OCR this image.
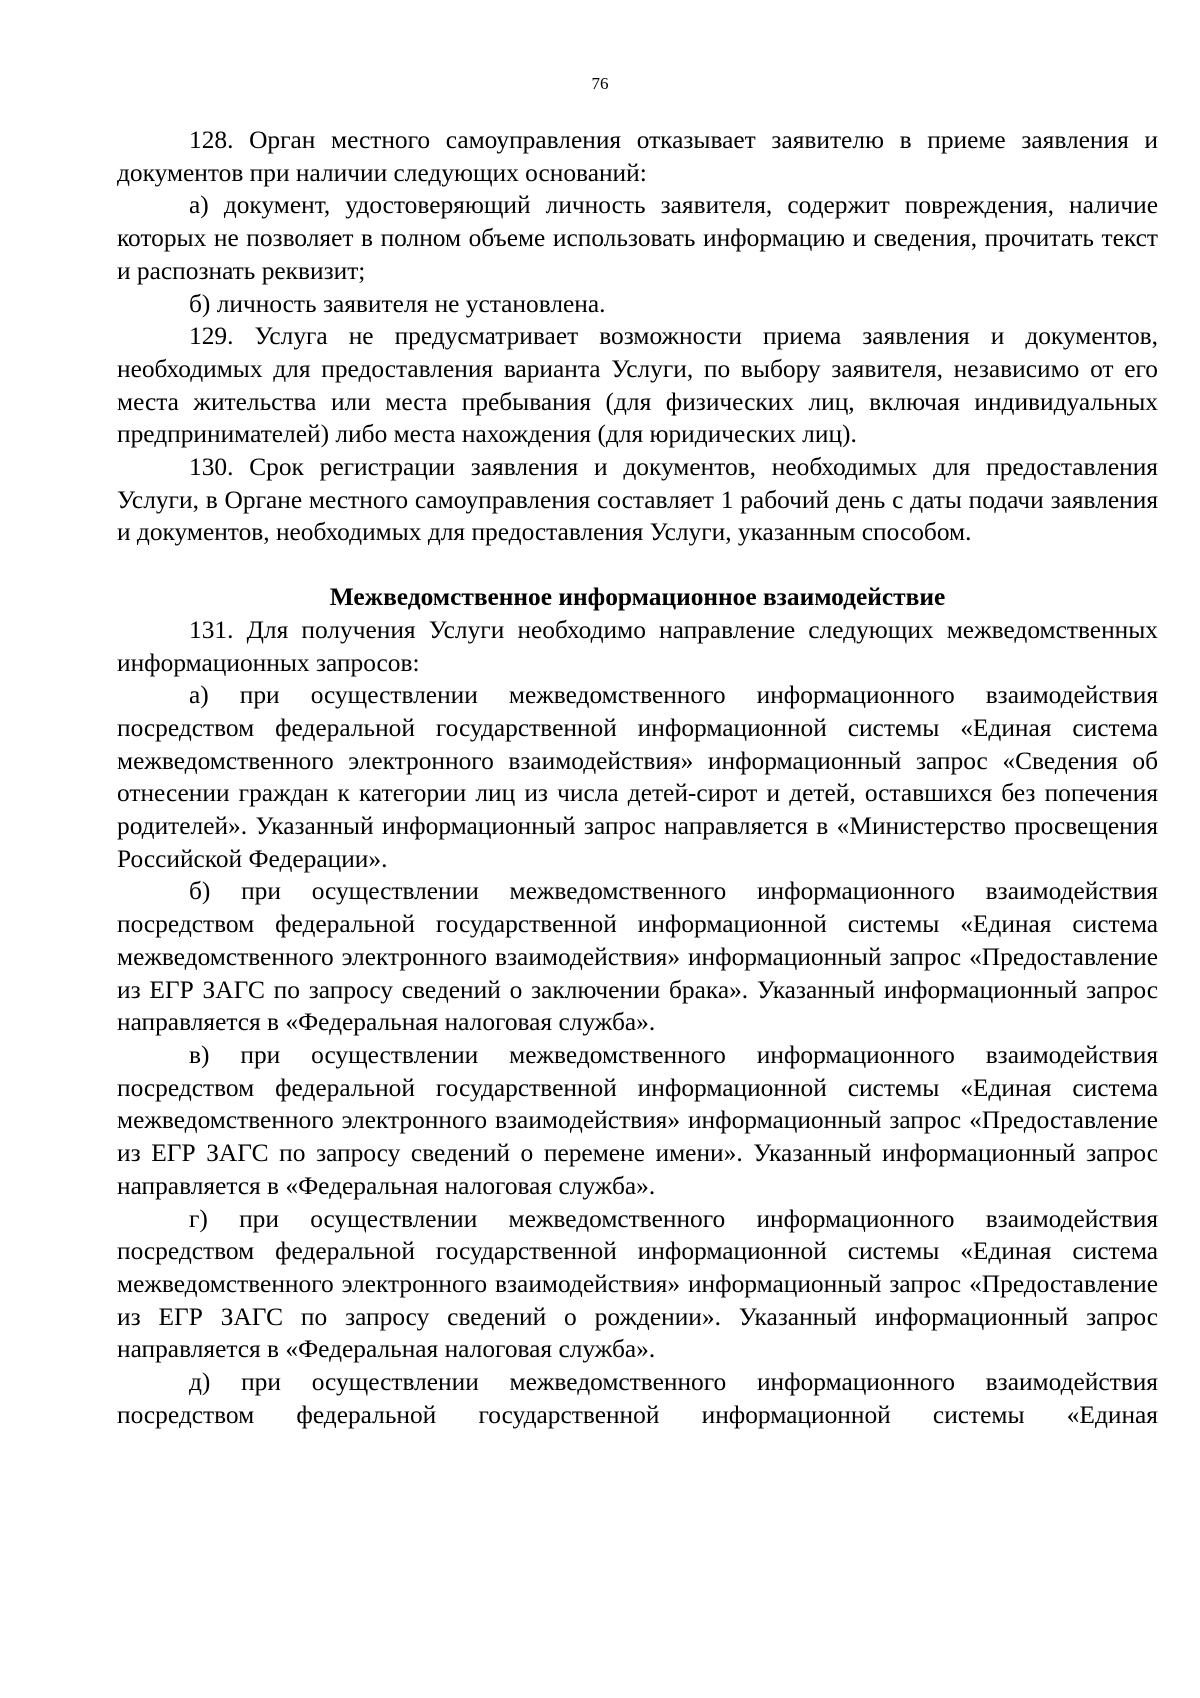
76

128. Орган местного самоуправления отказывает заявителю в приеме заявления и документов при наличии следующих оснований:

а) документ, удостоверяющий личность заявителя, содержит повреждения, наличие которых не позволяет в полном объеме использовать информацию и сведения, прочитать текст и распознать реквизит;

б) личность заявителя не установлена.

129. Услуга не предусматривает возможности приема заявления и документов, необходимых для предоставления варианта Услуги, по выбору заявителя, независимо от его места жительства или места пребывания (для физических лиц, включая индивидуальных предпринимателей) либо места нахождения (для юридических лиц).

130. Срок регистрации заявления и документов, необходимых для предоставления Услуги, в Органе местного самоуправления составляет 1 рабочий день с даты подачи заявления и документов, необходимых для предоставления Услуги, указанным способом.

Межведомственное информационное взаимодействие

131. Для получения Услуги необходимо направление следующих межведомственных информационных запросов:

а) при осуществлении межведомственного информационного взаимодействия посредством федеральной государственной информационной системы «Единая система межведомственного электронного взаимодействия» информационный запрос «Сведения об отнесении граждан к категории лиц из числа детей-сирот и детей, оставшихся без попечения родителей». Указанный информационный запрос направляется в «Министерство просвещения Российской Федерации».

б) при осуществлении межведомственного информационного взаимодействия посредством федеральной государственной информационной системы «Единая система межведомственного электронного взаимодействия» информационный запрос «Предоставление из ЕГР ЗАГС по запросу сведений о заключении брака». Указанный информационный запрос направляется в «Федеральная налоговая служба».

в) при осуществлении межведомственного информационного взаимодействия посредством федеральной государственной информационной системы «Единая система межведомственного электронного взаимодействия» информационный запрос «Предоставление из ЕГР ЗАГС по запросу сведений о перемене имени». Указанный информационный запрос направляется в «Федеральная налоговая служба».

г) при осуществлении межведомственного информационного взаимодействия посредством федеральной государственной информационной системы «Единая система межведомственного электронного взаимодействия» информационный запрос «Предоставление из ЕГР ЗАГС по запросу сведений о рождении». Указанный информационный запрос направляется в «Федеральная налоговая служба».

д) при осуществлении межведомственного информационного взаимодействия посредством федеральной государственной информационной системы «Единая
